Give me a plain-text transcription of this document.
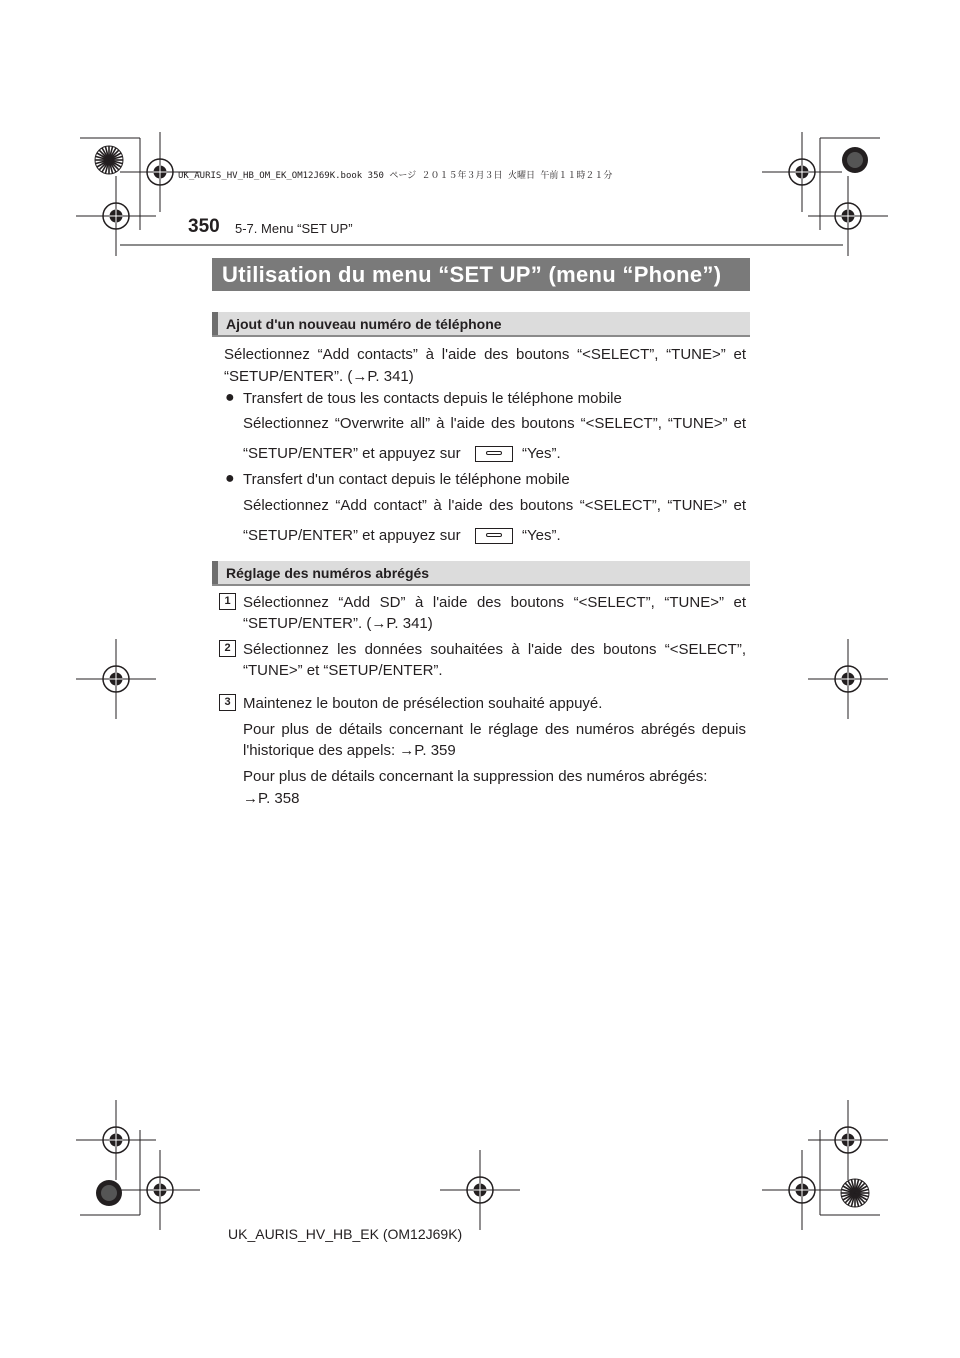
UK_AURIS_HV_HB_OM_EK_OM12J69K.book 350 ページ ２０１５年３月３日 火曜日 午前１１時２１分
350 5-7. Menu “SET UP”
Utilisation du menu “SET UP” (menu “Phone”)
Ajout d'un nouveau numéro de téléphone
Sélectionnez “Add contacts” à l'aide des boutons “<SELECT”, “TUNE>” et
“SETUP/ENTER”. (→P. 341)
● Transfert de tous les contacts depuis le téléphone mobile
Sélectionnez “Overwrite all” à l'aide des boutons “<SELECT”, “TUNE>” et
“SETUP/ENTER” et appuyez sur	“Yes”.
● Transfert d'un contact depuis le téléphone mobile
Sélectionnez “Add contact” à l'aide des boutons “<SELECT”, “TUNE>” et
“SETUP/ENTER” et appuyez sur	“Yes”.
Réglage des numéros abrégés
1 Sélectionnez “Add SD” à l'aide des boutons “<SELECT”, “TUNE>” et
“SETUP/ENTER”. (→P. 341)
2 Sélectionnez les données souhaitées à l'aide des boutons “<SELECT”,
“TUNE>” et “SETUP/ENTER”.
3 Maintenez le bouton de présélection souhaité appuyé.
Pour plus de détails concernant le réglage des numéros abrégés depuis
l'historique des appels: →P. 359
Pour plus de détails concernant la suppression des numéros abrégés:
→P. 358
UK_AURIS_HV_HB_EK (OM12J69K)
